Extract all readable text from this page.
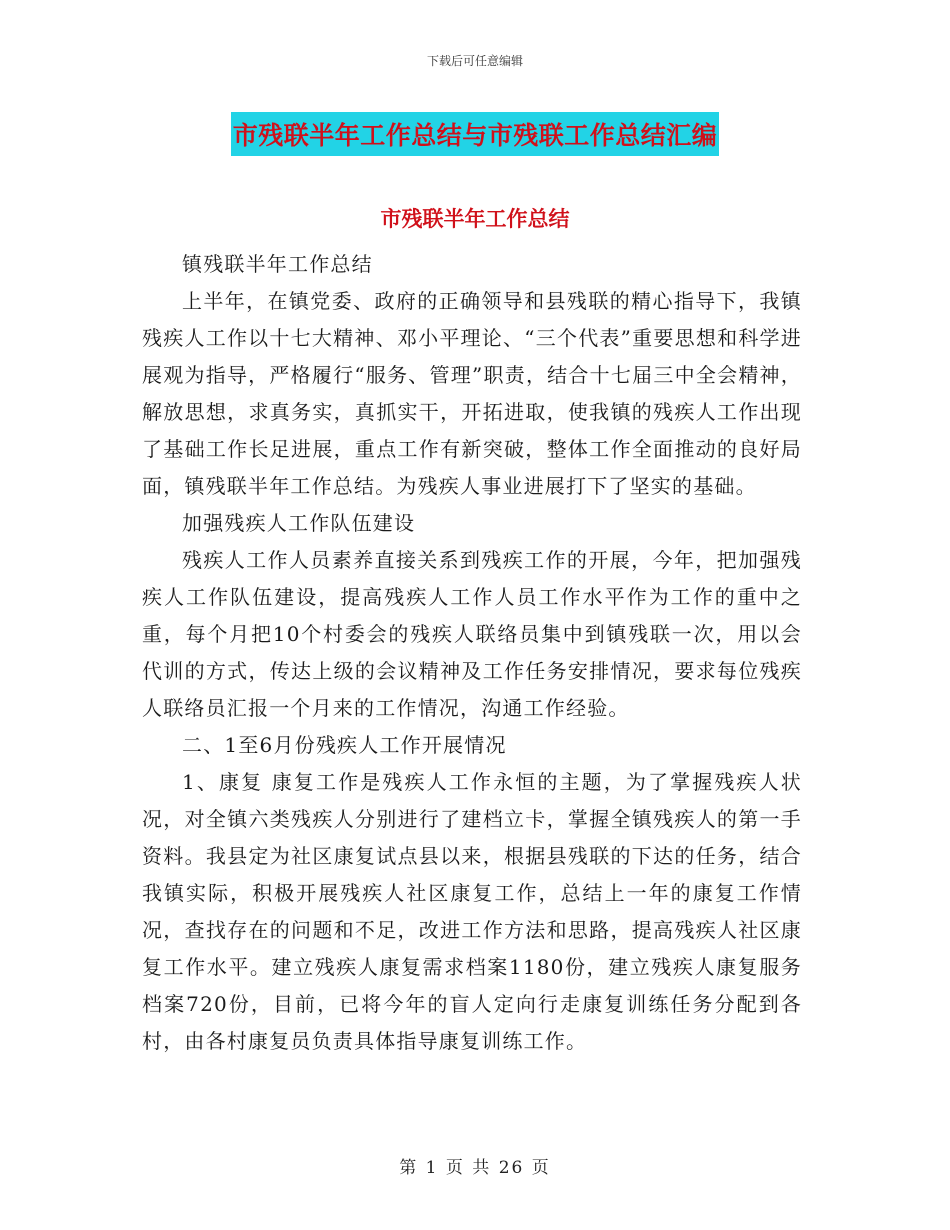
下载后可任意编辑
市残联半年工作总结与市残联工作总结汇编
市残联半年工作总结

镇残联半年工作总结

上半年，在镇党委、政府的正确领导和县残联的精心指导下，我镇残疾人工作以十七大精神、邓小平理论、“三个代表”重要思想和科学进展观为指导，严格履行“服务、管理”职责，结合十七届三中全会精神，解放思想，求真务实，真抓实干，开拓进取，使我镇的残疾人工作出现了基础工作长足进展，重点工作有新突破，整体工作全面推动的良好局面，镇残联半年工作总结。为残疾人事业进展打下了坚实的基础。

加强残疾人工作队伍建设

残疾人工作人员素养直接关系到残疾工作的开展，今年，把加强残疾人工作队伍建设，提高残疾人工作人员工作水平作为工作的重中之重，每个月把10个村委会的残疾人联络员集中到镇残联一次，用以会代训的方式，传达上级的会议精神及工作任务安排情况，要求每位残疾人联络员汇报一个月来的工作情况，沟通工作经验。

二、1至6月份残疾人工作开展情况

1、康复 康复工作是残疾人工作永恒的主题，为了掌握残疾人状况，对全镇六类残疾人分别进行了建档立卡，掌握全镇残疾人的第一手资料。我县定为社区康复试点县以来，根据县残联的下达的任务，结合我镇实际，积极开展残疾人社区康复工作，总结上一年的康复工作情况，查找存在的问题和不足，改进工作方法和思路，提高残疾人社区康复工作水平。建立残疾人康复需求档案1180份，建立残疾人康复服务档案720份，目前，已将今年的盲人定向行走康复训练任务分配到各村，由各村康复员负责具体指导康复训练工作。

第 1 页 共 26 页
